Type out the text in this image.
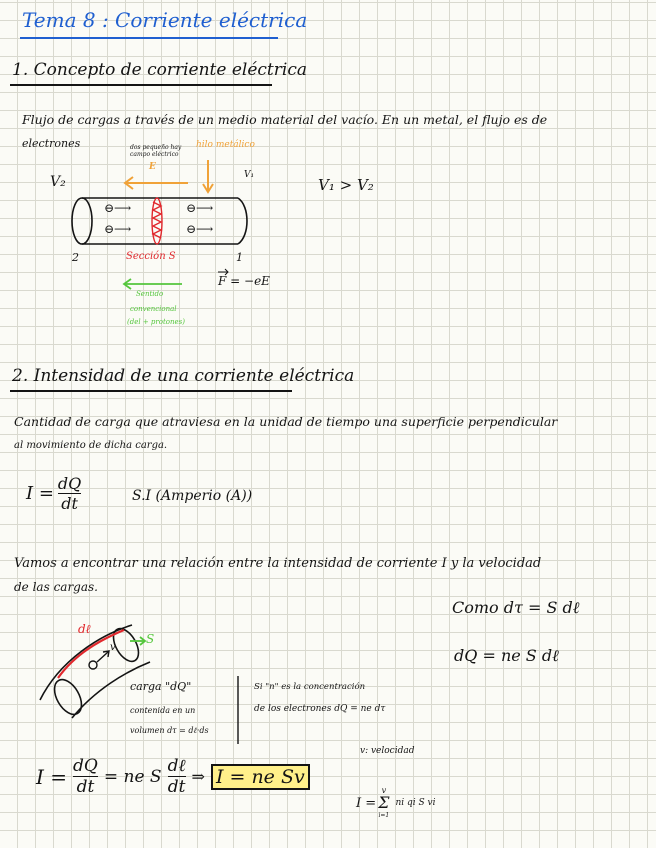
Tema 8 : Corriente eléctrica
1. Concepto de corriente eléctrica
Flujo de cargas a través de un medio material del vacío. En un metal, el flujo es de
electrones	dos pequeño hay campo eléctrico
hilo metálico
E
V₂	V₁
V₁ > V₂
⊖⟶
⊖⟶
⊖⟶
⊖⟶
2	1
Sección S
F = −eE
Sentido
convencional
(del + protones)
2. Intensidad de una corriente eléctrica
Cantidad de carga que atraviesa en la unidad de tiempo una superficie perpendicular
al movimiento de dicha carga.
$I = \frac{dQ}{dt}$	S.I (Amperio (A))
Vamos a encontrar una relación entre la intensidad de corriente I y la velocidad
de las cargas.
Como dτ = S dℓ
dQ = ne S dℓ
dℓ
S
v
carga "dQ"
contenida en un
volumen dτ = dℓ·ds
Si "n" es la concentración
de los electrones dQ = ne dτ
$I = \frac{dQ}{dt}$ = ne S $\frac{\text{dℓ}}{dt}$ ⇒ I = ne Sv
v: velocidad
I =
v
Σ
i=1
ni qi S vi
